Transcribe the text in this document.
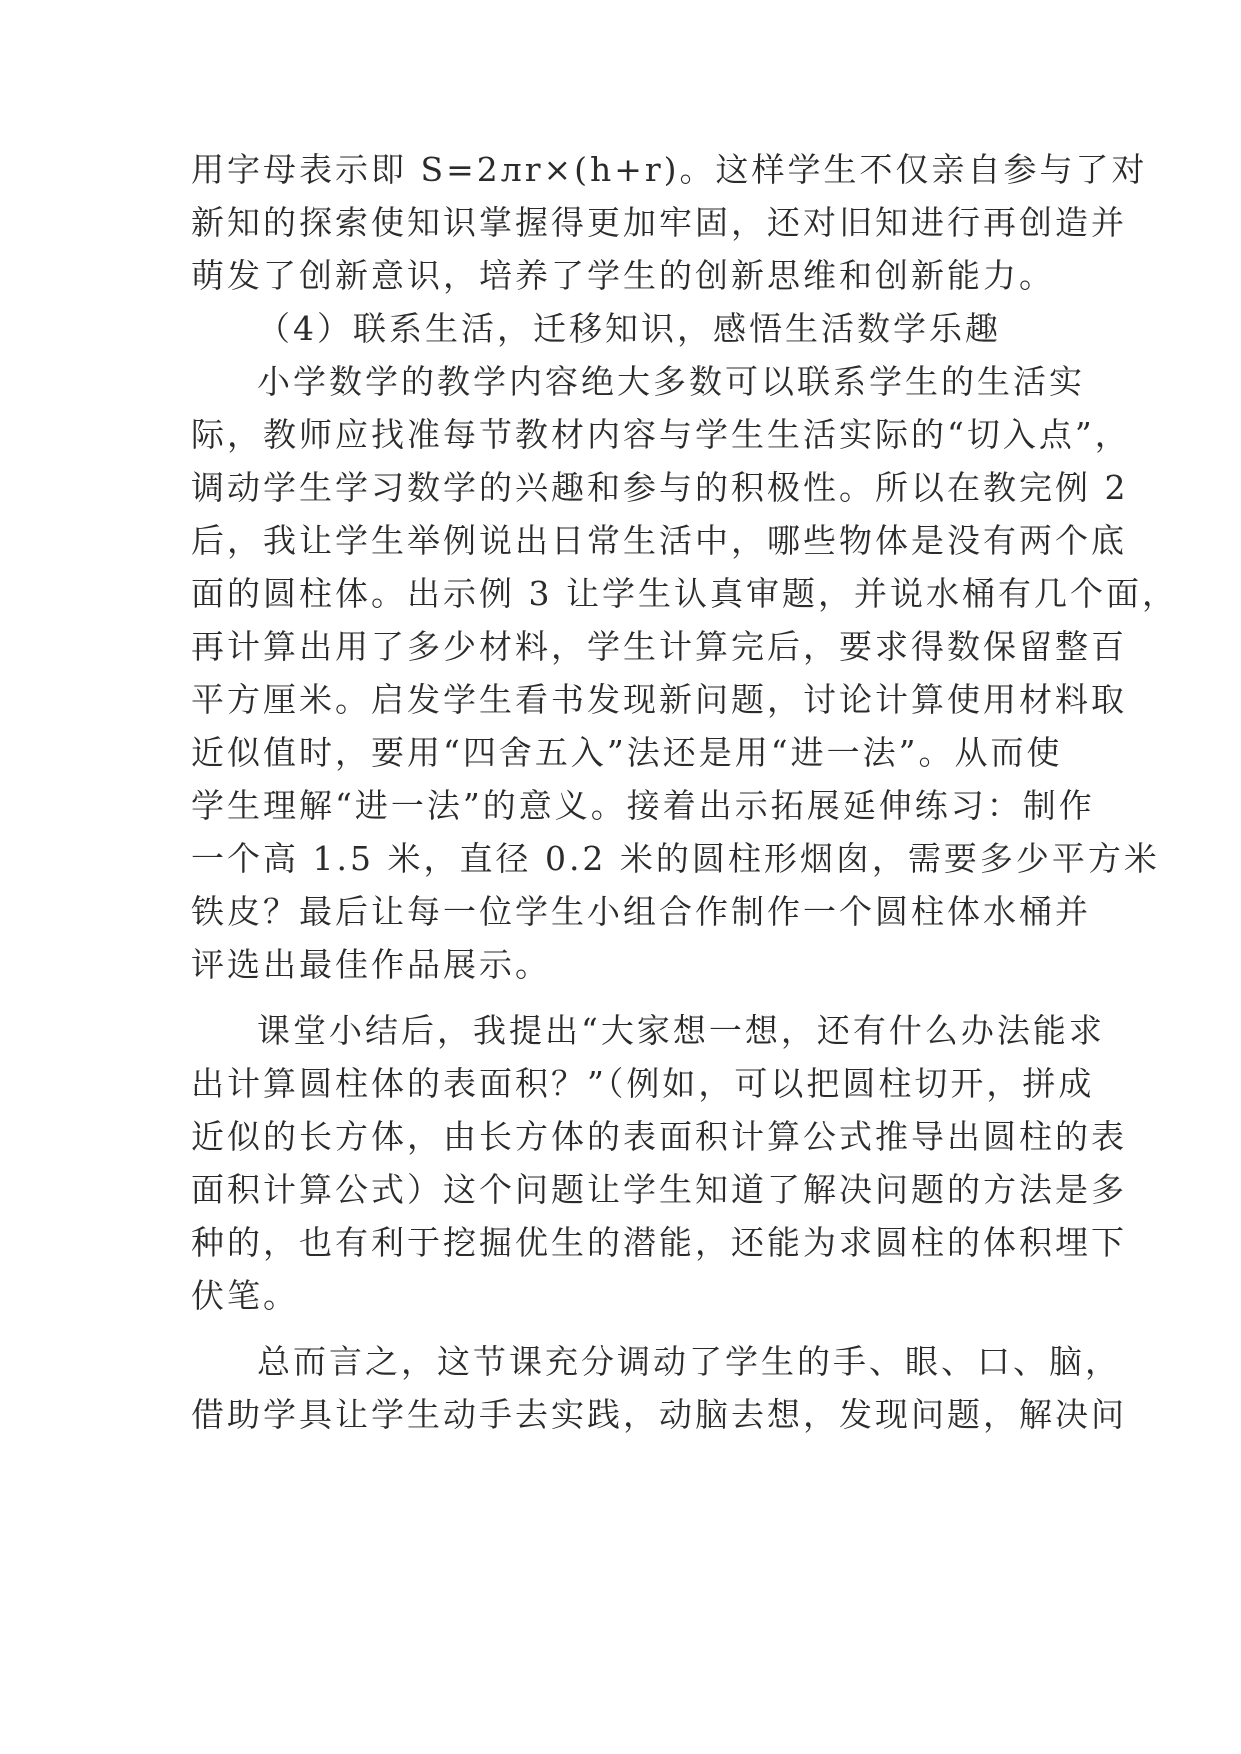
用字母表示即 S=2лr×(h+r)。这样学生不仅亲自参与了对
新知的探索使知识掌握得更加牢固，还对旧知进行再创造并
萌发了创新意识，培养了学生的创新思维和创新能力。
（4）联系生活，迁移知识，感悟生活数学乐趣
小学数学的教学内容绝大多数可以联系学生的生活实
际，教师应找准每节教材内容与学生生活实际的“切入点”，
调动学生学习数学的兴趣和参与的积极性。所以在教完例 2
后，我让学生举例说出日常生活中，哪些物体是没有两个底
面的圆柱体。出示例 3 让学生认真审题，并说水桶有几个面，
再计算出用了多少材料，学生计算完后，要求得数保留整百
平方厘米。启发学生看书发现新问题，讨论计算使用材料取
近似值时，要用“四舍五入”法还是用“进一法”。从而使
学生理解“进一法”的意义。接着出示拓展延伸练习：制作
一个高 1.5 米，直径 0.2 米的圆柱形烟囱，需要多少平方米
铁皮？最后让每一位学生小组合作制作一个圆柱体水桶并
评选出最佳作品展示。
课堂小结后，我提出“大家想一想，还有什么办法能求
出计算圆柱体的表面积？”（例如，可以把圆柱切开，拼成
近似的长方体，由长方体的表面积计算公式推导出圆柱的表
面积计算公式）这个问题让学生知道了解决问题的方法是多
种的，也有利于挖掘优生的潜能，还能为求圆柱的体积埋下
伏笔。
总而言之，这节课充分调动了学生的手、眼、口、脑，
借助学具让学生动手去实践，动脑去想，发现问题，解决问
